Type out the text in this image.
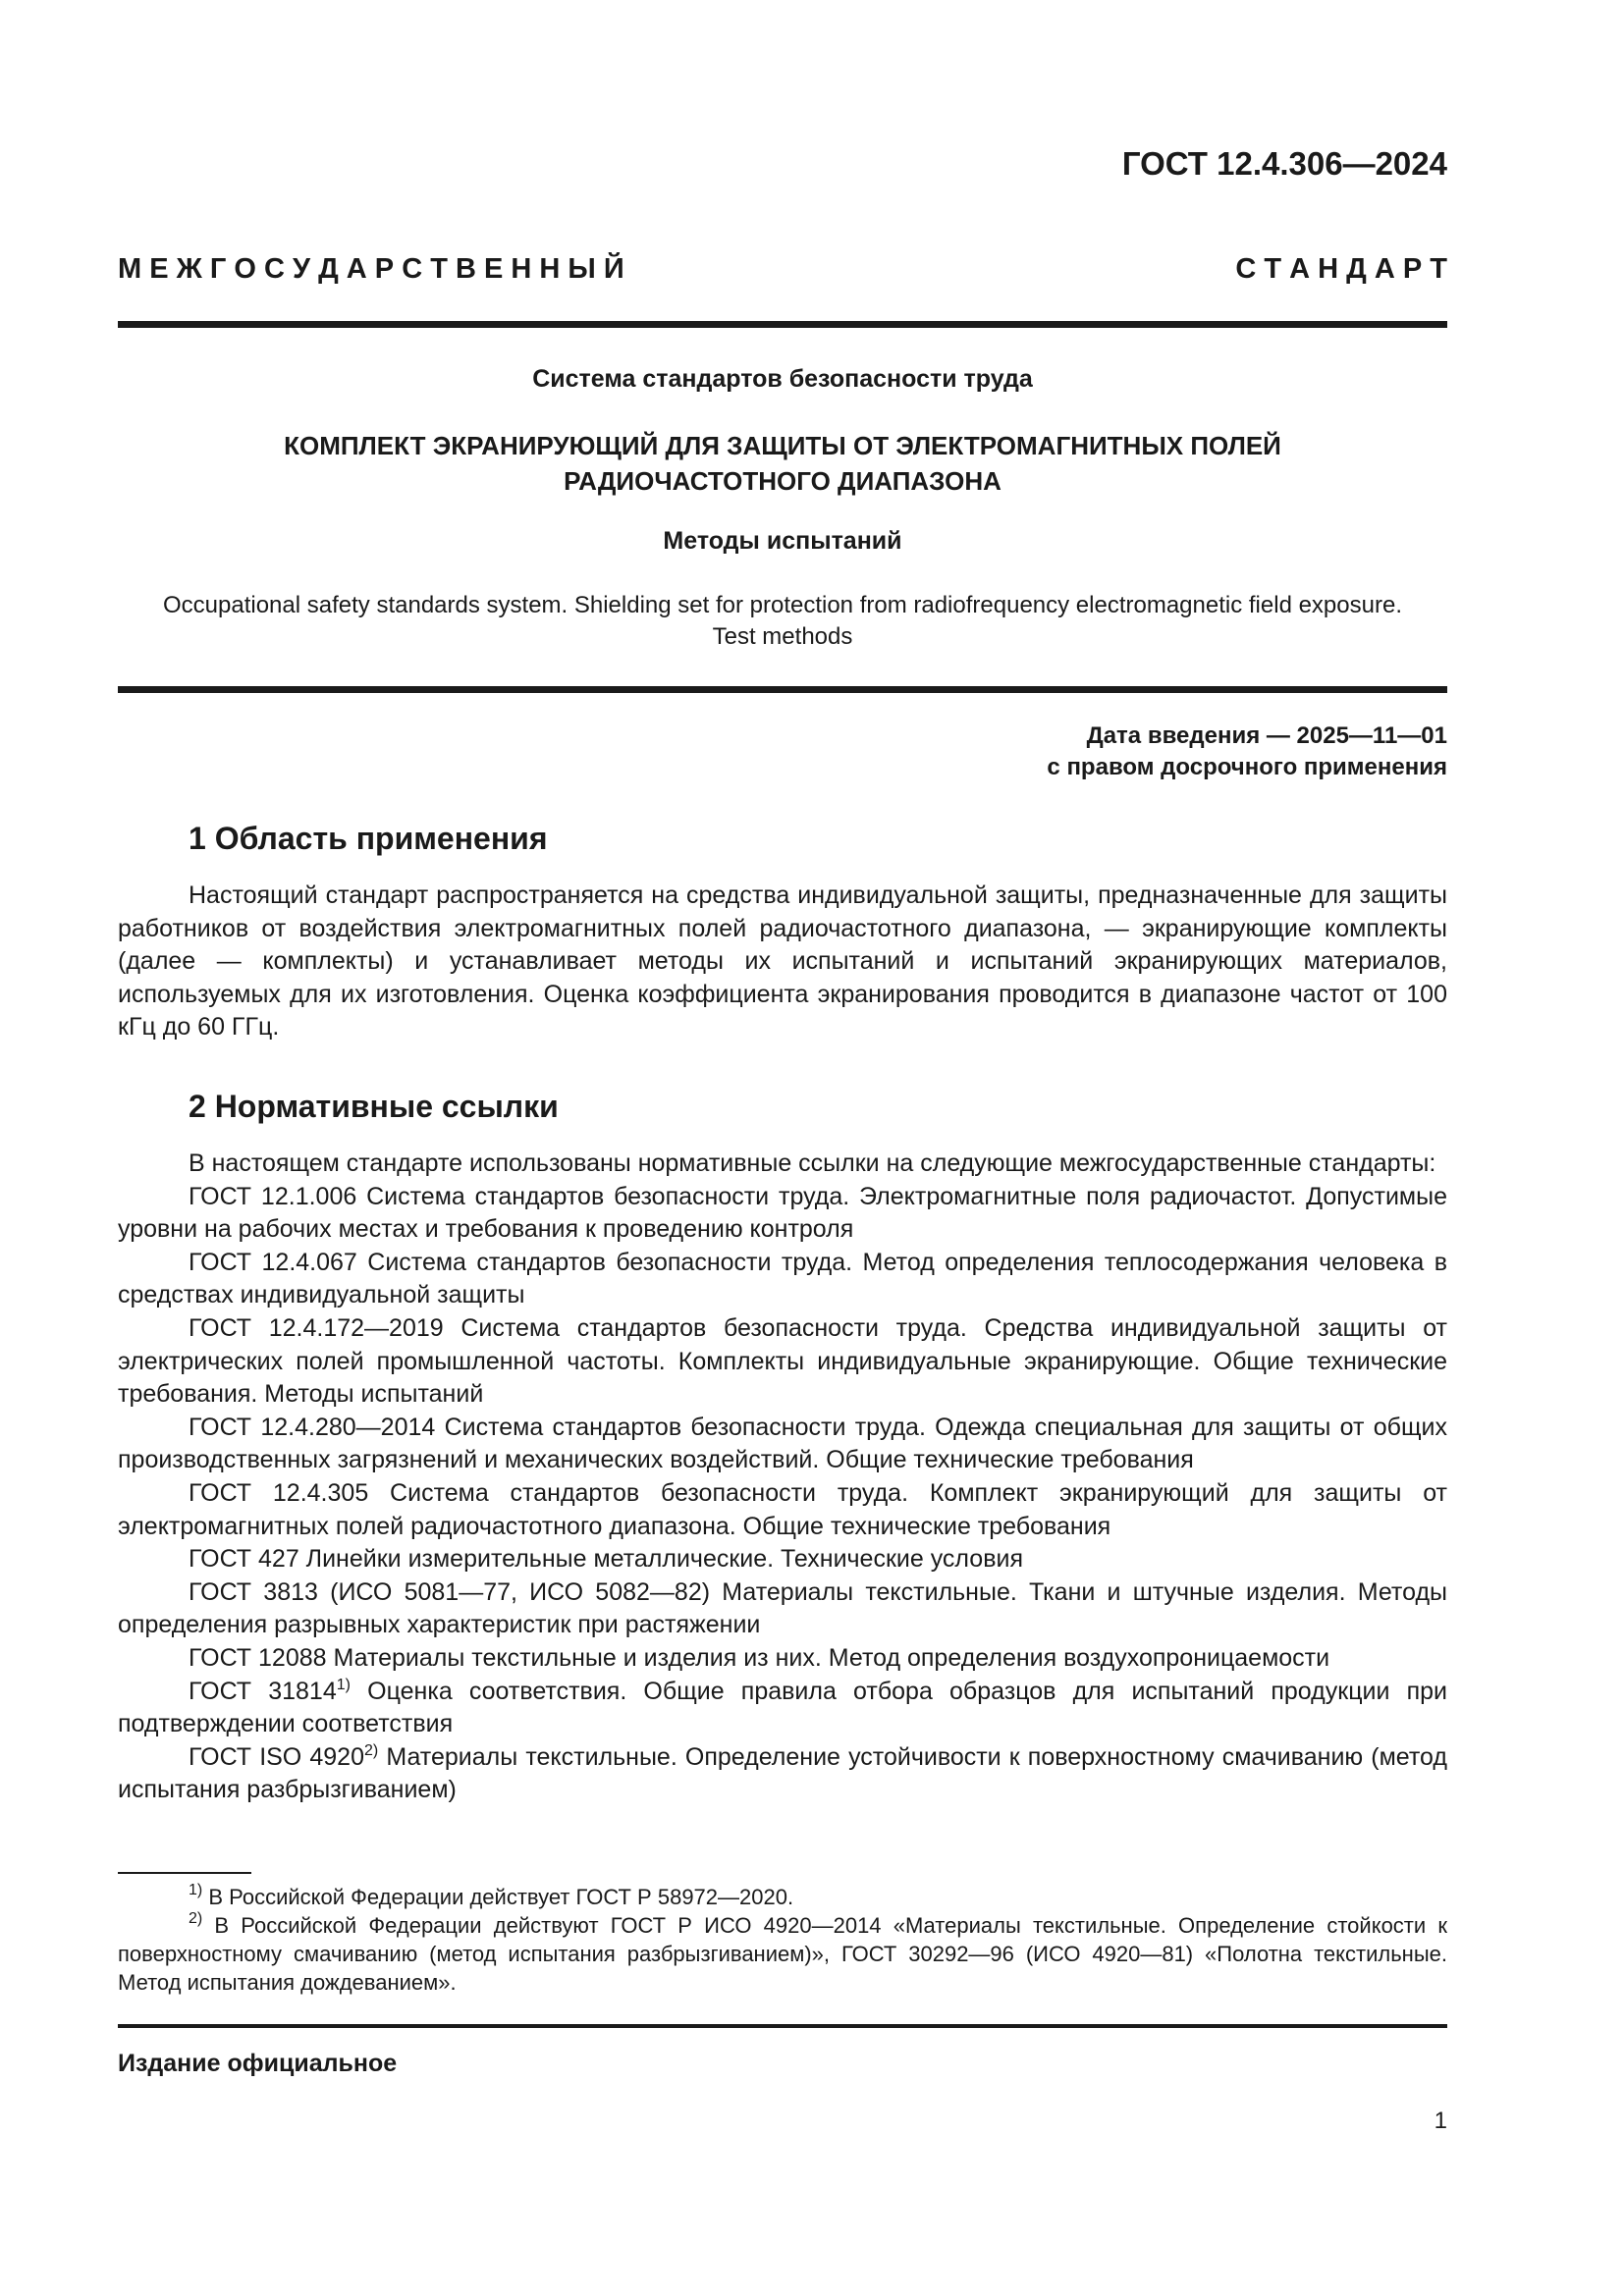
ГОСТ 12.4.306—2024

М Е Ж Г О С У Д А Р С Т В Е Н Н Ы Й	С Т А Н Д А Р Т

Система стандартов безопасности труда

КОМПЛЕКТ ЭКРАНИРУЮЩИЙ ДЛЯ ЗАЩИТЫ ОТ ЭЛЕКТРОМАГНИТНЫХ ПОЛЕЙ
РАДИОЧАСТОТНОГО ДИАПАЗОНА

Методы испытаний

Occupational safety standards system. Shielding set for protection from radiofrequency electromagnetic field exposure.
Test methods

Дата введения — 2025—11—01
с правом досрочного применения
1 Область применения

Настоящий стандарт распространяется на средства индивидуальной защиты, предназначенные для защиты работников от воздействия электромагнитных полей радиочастотного диапазона, — экранирующие комплекты (далее — комплекты) и устанавливает методы их испытаний и испытаний экранирующих материалов, используемых для их изготовления. Оценка коэффициента экранирования проводится в диапазоне частот от 100 кГц до 60 ГГц.

2 Нормативные ссылки

В настоящем стандарте использованы нормативные ссылки на следующие межгосударственные стандарты:

ГОСТ 12.1.006 Система стандартов безопасности труда. Электромагнитные поля радиочастот. Допустимые уровни на рабочих местах и требования к проведению контроля

ГОСТ 12.4.067 Система стандартов безопасности труда. Метод определения теплосодержания человека в средствах индивидуальной защиты

ГОСТ 12.4.172—2019 Система стандартов безопасности труда. Средства индивидуальной защиты от электрических полей промышленной частоты. Комплекты индивидуальные экранирующие. Общие технические требования. Методы испытаний

ГОСТ 12.4.280—2014 Система стандартов безопасности труда. Одежда специальная для защиты от общих производственных загрязнений и механических воздействий. Общие технические требования

ГОСТ 12.4.305 Система стандартов безопасности труда. Комплект экранирующий для защиты от электромагнитных полей радиочастотного диапазона. Общие технические требования

ГОСТ 427 Линейки измерительные металлические. Технические условия

ГОСТ 3813 (ИСО 5081—77, ИСО 5082—82) Материалы текстильные. Ткани и штучные изделия. Методы определения разрывных характеристик при растяжении

ГОСТ 12088 Материалы текстильные и изделия из них. Метод определения воздухопроницаемости

ГОСТ 31814$^{1)}$ Оценка соответствия. Общие правила отбора образцов для испытаний продукции при подтверждении соответствия

ГОСТ ISO 4920$^{2)}$ Материалы текстильные. Определение устойчивости к поверхностному смачиванию (метод испытания разбрызгиванием)

$^{1)}$ В Российской Федерации действует ГОСТ Р 58972—2020.

$^{2)}$ В Российской Федерации действуют ГОСТ Р ИСО 4920—2014 «Материалы текстильные. Определение стойкости к поверхностному смачиванию (метод испытания разбрызгиванием)», ГОСТ 30292—96 (ИСО 4920—81) «Полотна текстильные. Метод испытания дождеванием».

Издание официальное

1
